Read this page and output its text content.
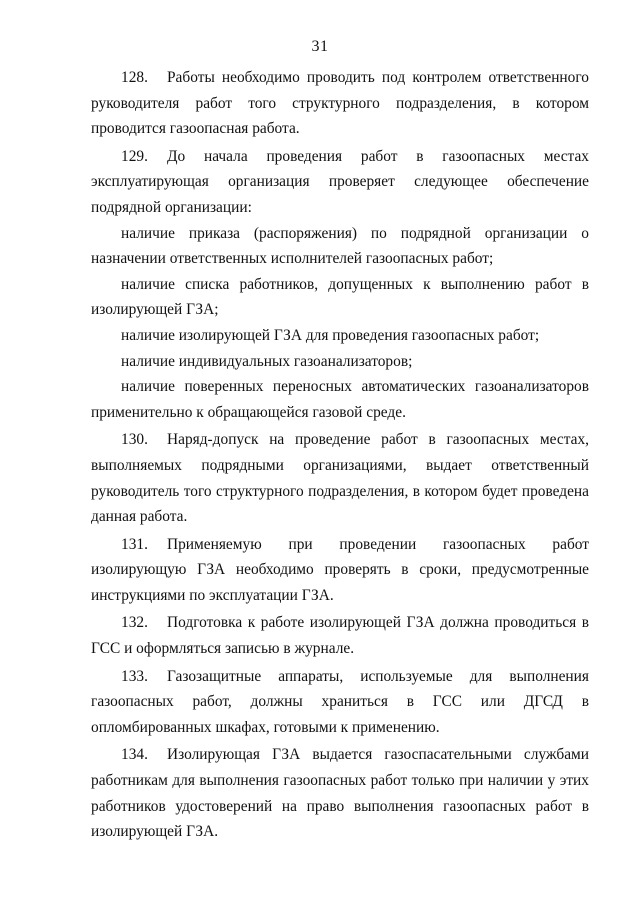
31

128. Работы необходимо проводить под контролем ответственного руководителя работ того структурного подразделения, в котором проводится газоопасная работа.

129. До начала проведения работ в газоопасных местах эксплуатирующая организация проверяет следующее обеспечение подрядной организации:

наличие приказа (распоряжения) по подрядной организации о назначении ответственных исполнителей газоопасных работ;

наличие списка работников, допущенных к выполнению работ в изолирующей ГЗА;

наличие изолирующей ГЗА для проведения газоопасных работ;

наличие индивидуальных газоанализаторов;

наличие поверенных переносных автоматических газоанализаторов применительно к обращающейся газовой среде.

130. Наряд-допуск на проведение работ в газоопасных местах, выполняемых подрядными организациями, выдает ответственный руководитель того структурного подразделения, в котором будет проведена данная работа.

131. Применяемую при проведении газоопасных работ изолирующую ГЗА необходимо проверять в сроки, предусмотренные инструкциями по эксплуатации ГЗА.

132. Подготовка к работе изолирующей ГЗА должна проводиться в ГСС и оформляться записью в журнале.

133. Газозащитные аппараты, используемые для выполнения газоопасных работ, должны храниться в ГСС или ДГСД в опломбированных шкафах, готовыми к применению.

134. Изолирующая ГЗА выдается газоспасательными службами работникам для выполнения газоопасных работ только при наличии у этих работников удостоверений на право выполнения газоопасных работ в изолирующей ГЗА.
